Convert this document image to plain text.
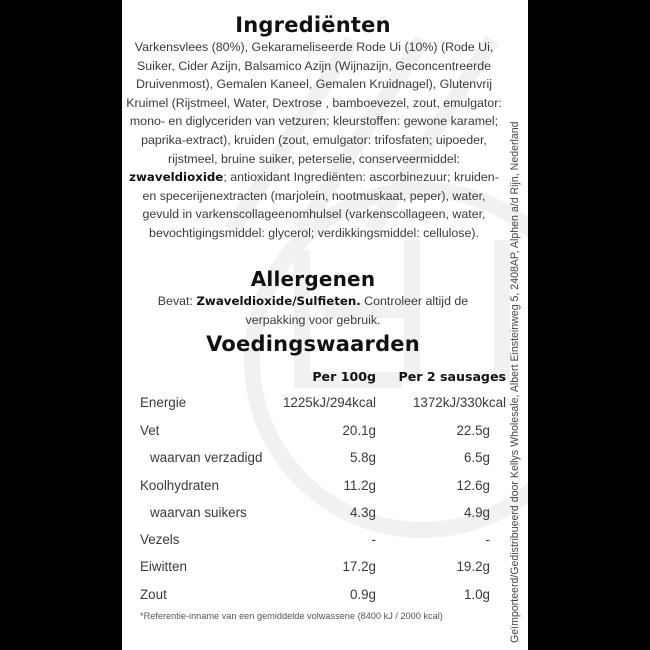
Ingrediënten

Varkensvlees (80%), Gekarameliseerde Rode Ui (10%) (Rode Ui, Suiker, Cider Azijn, Balsamico Azijn (Wijnazijn, Geconcentreerde Druivenmost), Gemalen Kaneel, Gemalen Kruidnagel), Glutenvrij Kruimel (Rijstmeel, Water, Dextrose , bamboevezel, zout, emulgator: mono- en diglyceriden van vetzuren; kleurstoffen: gewone karamel; paprika-extract), kruiden (zout, emulgator: trifosfaten; uipoeder, rijstmeel, bruine suiker, peterselie, conserveermiddel: zwaveldioxide; antioxidant Ingrediënten: ascorbinezuur; kruiden- en specerijenextracten (marjolein, nootmuskaat, peper), water, gevuld in varkenscollageenomhulsel (varkenscollageen, water, bevochtigingsmiddel: glycerol; verdikkingsmiddel: cellulose).

Allergenen

Bevat: Zwaveldioxide/Sulfieten. Controleer altijd de verpakking voor gebruik.

Voedingswaarden
Per 100g Per 2 sausages
Energie	1225kJ/294kcal	1372kJ/330kcal
Vet	20.1g	22.5g
waarvan verzadigd	5.8g	6.5g
Koolhydraten	11.2g	12.6g
waarvan suikers	4.3g	4.9g
Vezels	-	-
Eiwitten	17.2g	19.2g
Zout	0.9g	1.0g
*Referentie-inname van een gemiddelde volwassene (8400 kJ / 2000 kcal)	Geïmporteerd/Gedistribueerd door Kellys Wholesale, Albert Einsteinweg 5, 2408AP, Alphen a/d Rijn, Nederland
